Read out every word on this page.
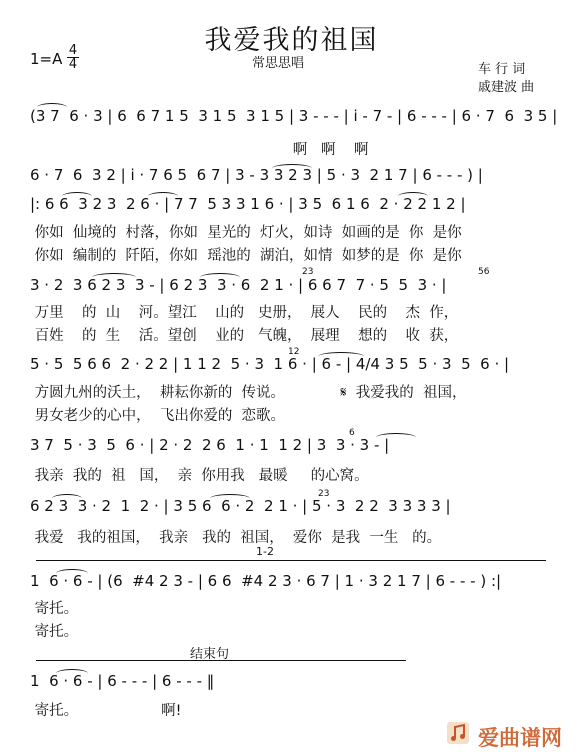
我爱我的祖国
1=A 4
4	常思思唱	车 行 词
戚建波 曲
(3 7  6 · 3 | 6  6 7 1 5  3 1 5  3 1 5 | 3 - - - | i - 7 - | 6 - - - | 6 · 7  6  3 5 |
啊   啊    啊
6 · 7  6  3 2 | i · 7 6 5  6 7 | 3 - 3 3 2 3 | 5 · 3  2 1 7 | 6 - - - ) |
|: 6 6  3 2 3  2 6 · | 7 7  5 3 3 1 6 · | 3 5  6 1 6  2 · 2 2 1 2 |
你如  仙境的  村落，你如  星光的  灯火，如诗  如画的是  你  是你
你如  编制的  阡陌，你如  瑶池的  湖泊，如情  如梦的是  你  是你
3 · 2  3 6 2 3  3 - | 6 2 3  3 · 6  2 1 · | 6 6 7  7 · 5  5  3 · |
万里    的  山    河。望江    山的   史册，  展人    民的    杰  作，
百姓    的  生    活。望创    业的   气魄，  展理    想的    收  获，
5 · 5  5 6 6  2 · 2 2 | 1 1 2  5 · 3  1 6 · | 6 - | 4/4 3 5  5 · 3  5  6 · |
方圆九州的沃土，  耕耘你新的  传说。            𝄋  我爱我的  祖国，
男女老少的心中，  飞出你爱的  恋歌。
3 7  5 · 3  5  6 · | 2 · 2  2 6  1 · 1  1 2 | 3  3 · 3 - |
我亲  我的  祖   国，  亲  你用我   最暖     的心窝。
6 2 3  3 · 2  1  2 · | 3 5 6  6 · 2  2 1 · | 5 · 3  2 2  3 3 3 3 |
我爱   我的祖国，  我亲   我的  祖国，  爱你  是我  一生   的。
1-2
1  6 · 6 - | (6  #4 2 3 - | 6 6  #4 2 3 · 6 7 | 1 · 3 2 1 7 | 6 - - - ) :|
寄托。
寄托。
结束句
1  6 · 6 - | 6 - - - | 6 - - - ‖
寄托。                  啊!
23	56
12
6
23
爱曲谱网
